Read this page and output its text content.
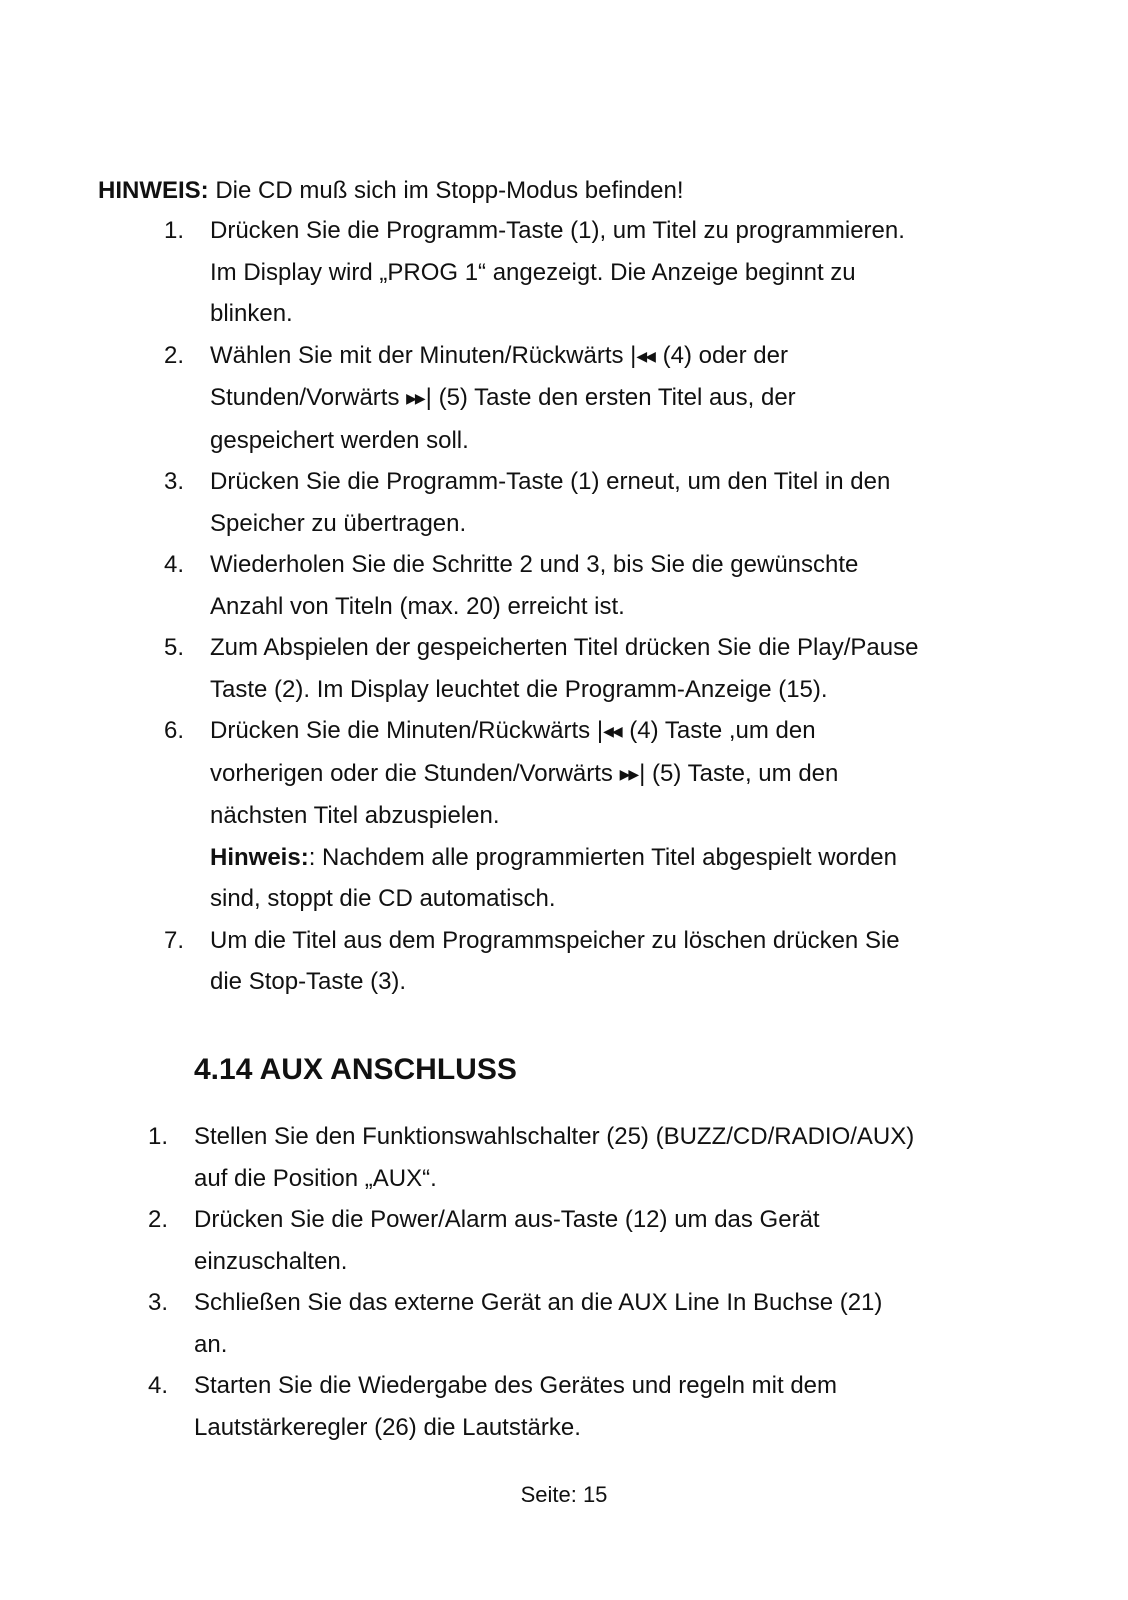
HINWEIS: Die CD muß sich im Stopp-Modus befinden!
1. Drücken Sie die Programm-Taste (1), um Titel zu programmieren.
Im Display wird „PROG 1“ angezeigt. Die Anzeige beginnt zu
blinken.
2. Wählen Sie mit der Minuten/Rückwärts |◀◀ (4) oder der
Stunden/Vorwärts ▶▶| (5) Taste den ersten Titel aus, der
gespeichert werden soll.
3. Drücken Sie die Programm-Taste (1) erneut, um den Titel in den
Speicher zu übertragen.
4. Wiederholen Sie die Schritte 2 und 3, bis Sie die gewünschte
Anzahl von Titeln (max. 20) erreicht ist.
5. Zum Abspielen der gespeicherten Titel drücken Sie die Play/Pause
Taste (2). Im Display leuchtet die Programm-Anzeige (15).
6. Drücken Sie die Minuten/Rückwärts |◀◀ (4) Taste ,um den
vorherigen oder die Stunden/Vorwärts ▶▶| (5) Taste, um den
nächsten Titel abzuspielen.
Hinweis:: Nachdem alle programmierten Titel abgespielt worden
sind, stoppt die CD automatisch.
7. Um die Titel aus dem Programmspeicher zu löschen drücken Sie
die Stop-Taste (3).
4.14 AUX ANSCHLUSS
1. Stellen Sie den Funktionswahlschalter (25) (BUZZ/CD/RADIO/AUX)
auf die Position „AUX“.
2. Drücken Sie die Power/Alarm aus-Taste (12) um das Gerät
einzuschalten.
3. Schließen Sie das externe Gerät an die AUX Line In Buchse (21)
an.
4. Starten Sie die Wiedergabe des Gerätes und regeln mit dem
Lautstärkeregler (26) die Lautstärke.
Seite: 15
